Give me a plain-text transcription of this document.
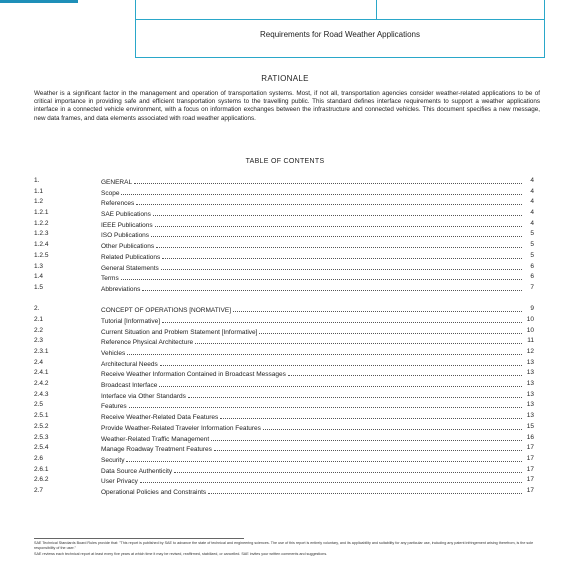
Requirements for Road Weather Applications
RATIONALE
Weather is a significant factor in the management and operation of transportation systems. Most, if not all, transportation agencies consider weather-related applications to be of critical importance in providing safe and efficient transportation systems to the travelling public. This standard defines interface requirements to support a weather applications interface in a connected vehicle environment, with a focus on information exchanges between the infrastructure and connected vehicles. This document specifies a new message, new data frames, and data elements associated with road weather applications.
TABLE OF CONTENTS
1.	GENERAL	4
1.1	Scope	4
1.2	References	4
1.2.1	SAE Publications	4
1.2.2	IEEE Publications	4
1.2.3	ISO Publications	5
1.2.4	Other Publications	5
1.2.5	Related Publications	5
1.3	General Statements	6
1.4	Terms	6
1.5	Abbreviations	7
2.	CONCEPT OF OPERATIONS [NORMATIVE]	9
2.1	Tutorial [Informative]	10
2.2	Current Situation and Problem Statement [Informative]	10
2.3	Reference Physical Architecture	11
2.3.1	Vehicles	12
2.4	Architectural Needs	13
2.4.1	Receive Weather Information Contained in Broadcast Messages	13
2.4.2	Broadcast Interface	13
2.4.3	Interface via Other Standards	13
2.5	Features	13
2.5.1	Receive Weather-Related Data Features	13
2.5.2	Provide Weather-Related Traveler Information Features	15
2.5.3	Weather-Related Traffic Management	16
2.5.4	Manage Roadway Treatment Features	17
2.6	Security	17
2.6.1	Data Source Authenticity	17
2.6.2	User Privacy	17
2.7	Operational Policies and Constraints	17

SAE Technical Standards Board Rules provide that: "This report is published by SAE to advance the state of technical and engineering sciences. The use of this report is entirely voluntary, and its applicability and suitability for any particular use, including any patent infringement arising therefrom, is the sole responsibility of the user."

SAE reviews each technical report at least every five years at which time it may be revised, reaffirmed, stabilized, or cancelled. SAE invites your written comments and suggestions.
